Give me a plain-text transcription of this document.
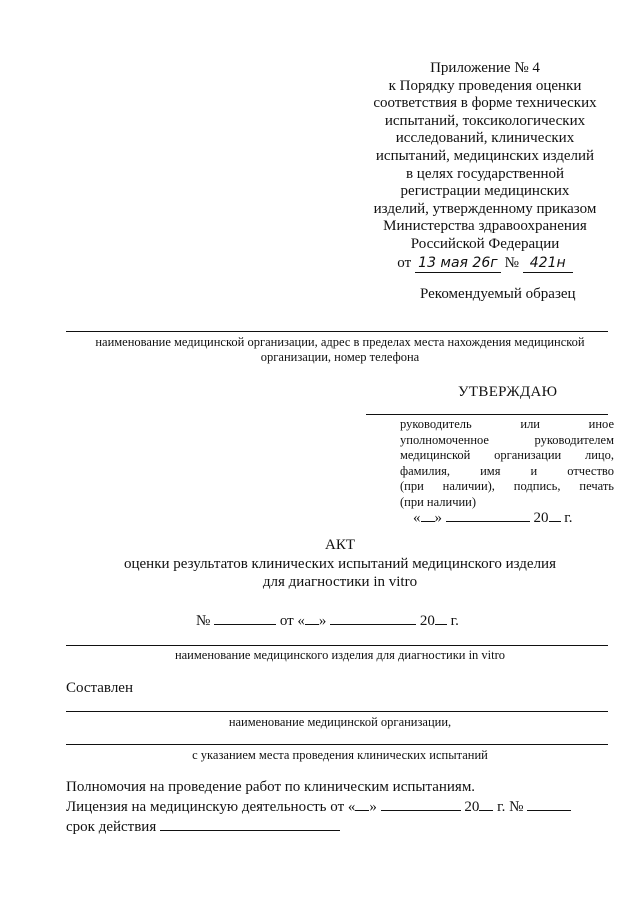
Приложение № 4
к Порядку проведения оценки
соответствия в форме технических
испытаний, токсикологических
исследований, клинических
испытаний, медицинских изделий
в целях государственной
регистрации медицинских
изделий, утвержденному приказом
Министерства здравоохранения
Российской Федерации
от 13 мая 26г № 421н
Рекомендуемый образец
наименование медицинской организации, адрес в пределах места нахождения медицинской организации, номер телефона
УТВЕРЖДАЮ
руководитель или иное
уполномоченное руководителем
медицинской организации лицо,
фамилия, имя и отчество
(при наличии), подпись, печать
(при наличии)
« »	20 г.
АКТ
оценки результатов клинических испытаний медицинского изделия
для диагностики in vitro
№	от « »	20 г.
наименование медицинского изделия для диагностики in vitro
Составлен
наименование медицинской организации,
с указанием места проведения клинических испытаний
Полномочия на проведение работ по клиническим испытаниям.
Лицензия на медицинскую деятельность от « »	20 г. №
срок действия
